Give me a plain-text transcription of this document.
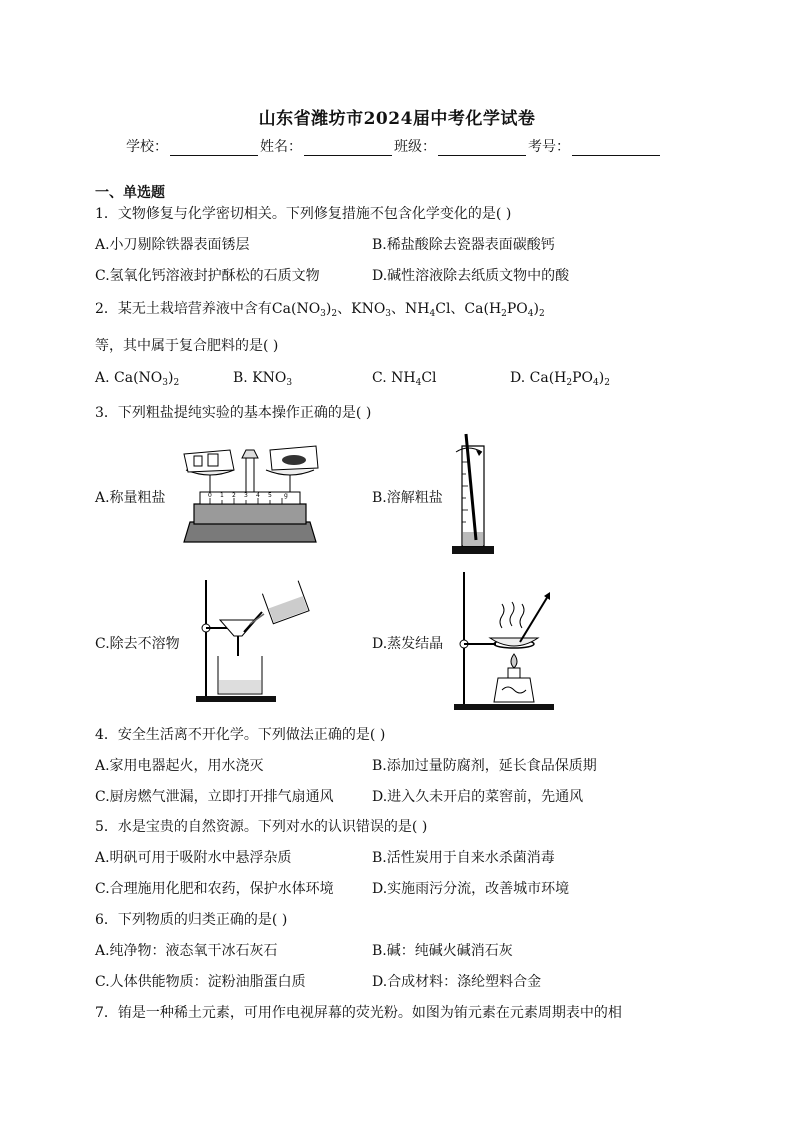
山东省潍坊市2024届中考化学试卷
学校：	姓名：	班级：	考号：
一、单选题
1．文物修复与化学密切相关。下列修复措施不包含化学变化的是( )
A.小刀剔除铁器表面锈层	B.稀盐酸除去瓷器表面碳酸钙
C.氢氧化钙溶液封护酥松的石质文物	D.碱性溶液除去纸质文物中的酸
2．某无土栽培营养液中含有$Ca(NO_3)_2$、$KNO_3$、$NH_4Cl$、$Ca(H_2PO_4)_2$
等，其中属于复合肥料的是( )
A. $Ca(NO_3)_2$	B. $KNO_3$	C. $NH_4Cl$	D. $Ca(H_2PO_4)_2$
3．下列粗盐提纯实验的基本操作正确的是( )
A.称量粗盐	0 1 2 3 4 5 g	B.溶解粗盐
C.除去不溶物	D.蒸发结晶
4．安全生活离不开化学。下列做法正确的是( )
A.家用电器起火，用水浇灭	B.添加过量防腐剂，延长食品保质期
C.厨房燃气泄漏，立即打开排气扇通风	D.进入久未开启的菜窖前，先通风
5．水是宝贵的自然资源。下列对水的认识错误的是( )
A.明矾可用于吸附水中悬浮杂质	B.活性炭用于自来水杀菌消毒
C.合理施用化肥和农药，保护水体环境	D.实施雨污分流，改善城市环境
6．下列物质的归类正确的是( )
A.纯净物：液态氧干冰石灰石	B.碱：纯碱火碱消石灰
C.人体供能物质：淀粉油脂蛋白质	D.合成材料：涤纶塑料合金
7．铕是一种稀土元素，可用作电视屏幕的荧光粉。如图为铕元素在元素周期表中的相
